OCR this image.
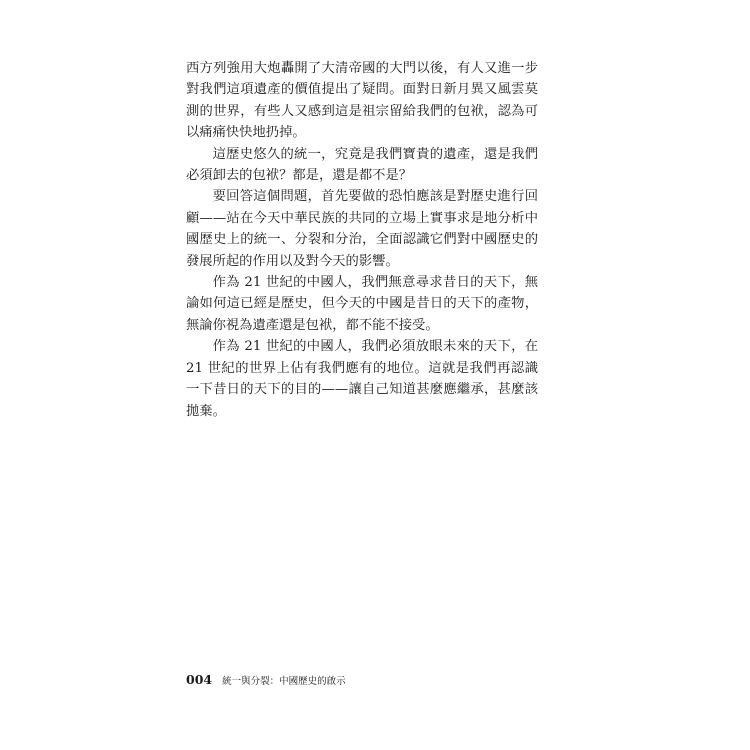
西方列強用大炮轟開了大清帝國的大門以後，有人又進一步對我們這項遺產的價值提出了疑問。面對日新月異又風雲莫測的世界，有些人又感到這是祖宗留給我們的包袱，認為可以痛痛快快地扔掉。

這歷史悠久的統一，究竟是我們寶貴的遺產，還是我們必須卸去的包袱？都是，還是都不是？

要回答這個問題，首先要做的恐怕應該是對歷史進行回顧——站在今天中華民族的共同的立場上實事求是地分析中國歷史上的統一、分裂和分治，全面認識它們對中國歷史的發展所起的作用以及對今天的影響。

作為 21 世紀的中國人，我們無意尋求昔日的天下，無論如何這已經是歷史，但今天的中國是昔日的天下的產物，無論你視為遺產還是包袱，都不能不接受。

作為 21 世紀的中國人，我們必須放眼未來的天下，在 21 世紀的世界上佔有我們應有的地位。這就是我們再認識一下昔日的天下的目的——讓自己知道甚麼應繼承，甚麼該拋棄。

004 統一與分裂：中國歷史的啟示
